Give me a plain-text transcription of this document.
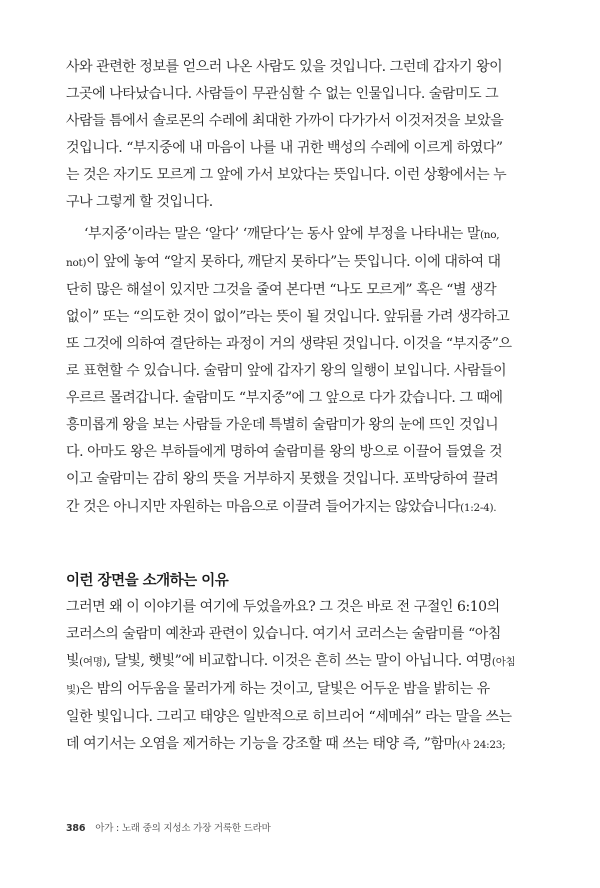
사와 관련한 정보를 얻으러 나온 사람도 있을 것입니다. 그런데 갑자기 왕이
그곳에 나타났습니다. 사람들이 무관심할 수 없는 인물입니다. 술람미도 그
사람들 틈에서 솔로몬의 수레에 최대한 가까이 다가가서 이것저것을 보았을
것입니다. “부지중에 내 마음이 나를 내 귀한 백성의 수레에 이르게 하였다”
는 것은 자기도 모르게 그 앞에 가서 보았다는 뜻입니다. 이런 상황에서는 누
구나 그렇게 할 것입니다.

‘부지중’이라는 말은 ‘알다’ ‘깨닫다’는 동사 앞에 부정을 나타내는 말(no,
not)이 앞에 놓여 “알지 못하다, 깨닫지 못하다”는 뜻입니다. 이에 대하여 대
단히 많은 해설이 있지만 그것을 줄여 본다면 “나도 모르게” 혹은 “별 생각
없이” 또는 “의도한 것이 없이”라는 뜻이 될 것입니다. 앞뒤를 가려 생각하고
또 그것에 의하여 결단하는 과정이 거의 생략된 것입니다. 이것을 “부지중”으
로 표현할 수 있습니다. 술람미 앞에 갑자기 왕의 일행이 보입니다. 사람들이
우르르 몰려갑니다. 술람미도 “부지중”에 그 앞으로 다가 갔습니다. 그 때에
흥미롭게 왕을 보는 사람들 가운데 특별히 술람미가 왕의 눈에 뜨인 것입니
다. 아마도 왕은 부하들에게 명하여 술람미를 왕의 방으로 이끌어 들였을 것
이고 술람미는 감히 왕의 뜻을 거부하지 못했을 것입니다. 포박당하여 끌려
간 것은 아니지만 자원하는 마음으로 이끌려 들어가지는 않았습니다(1:2-4).

이런 장면을 소개하는 이유

그러면 왜 이 이야기를 여기에 두었을까요? 그 것은 바로 전 구절인 6:10의
코러스의 술람미 예찬과 관련이 있습니다. 여기서 코러스는 술람미를 “아침
빛(여명), 달빛, 햇빛”에 비교합니다. 이것은 흔히 쓰는 말이 아닙니다. 여명(아침
빛)은 밤의 어두움을 물러가게 하는 것이고, 달빛은 어두운 밤을 밝히는 유
일한 빛입니다. 그리고 태양은 일반적으로 히브리어 “세메쉬” 라는 말을 쓰는
데 여기서는 오염을 제거하는 기능을 강조할 때 쓰는 태양 즉, ”함마(사 24:23;

386 아가 : 노래 중의 지성소 가장 거룩한 드라마
